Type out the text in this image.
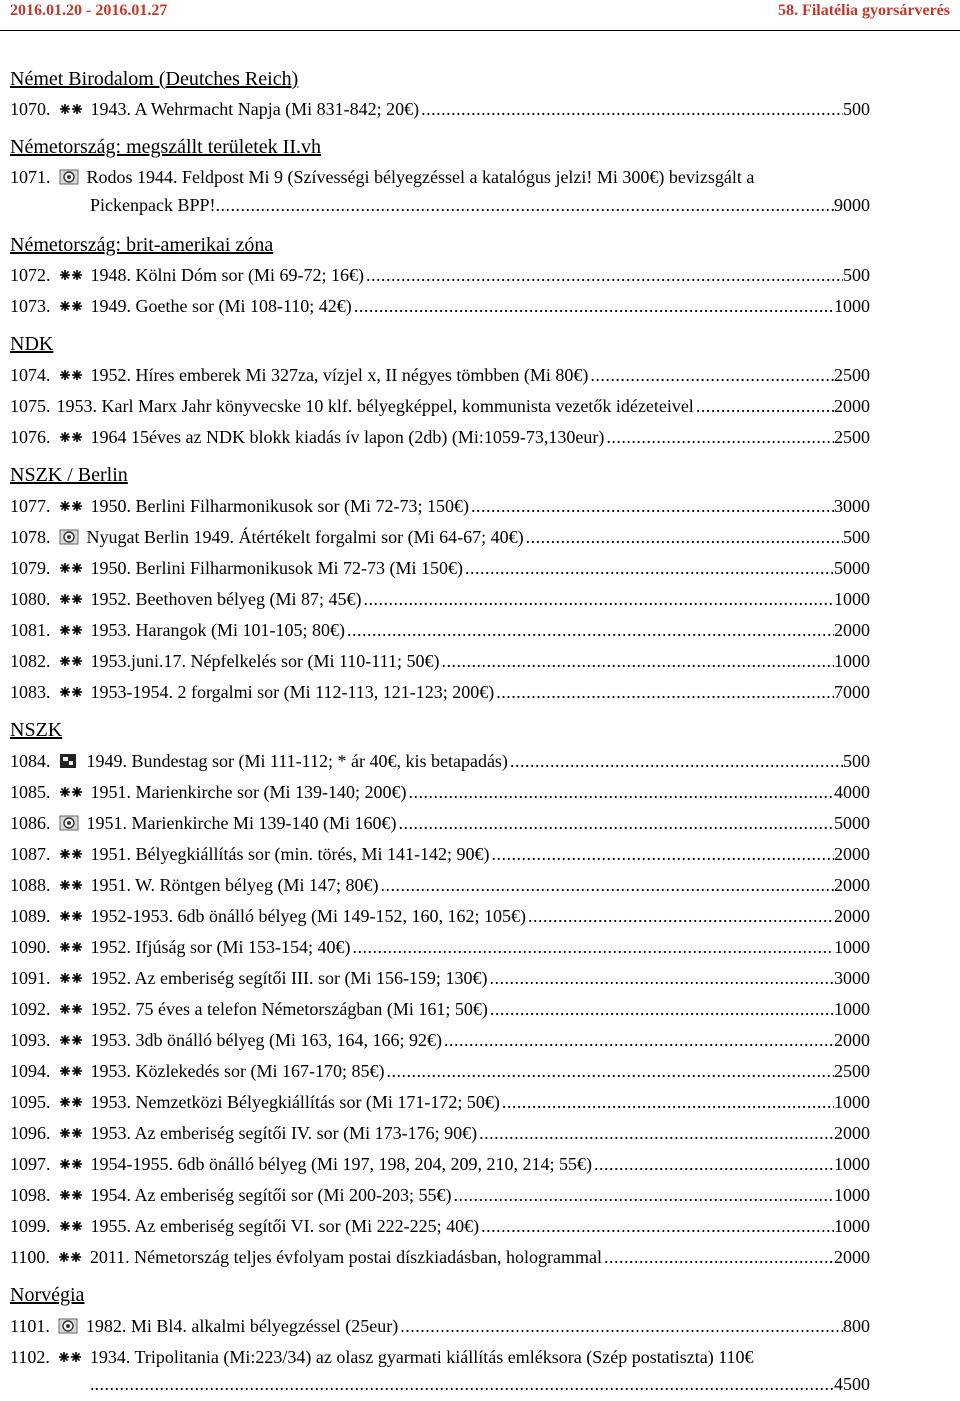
2016.01.20 - 2016.01.27	58. Filatélia gyorsárverés
Német Birodalom (Deutches Reich)
1070. 1943. A Wehrmacht Napja (Mi 831-842; 20€) . . .	500
Németország: megszállt területek II.vh
1071. Rodos 1944. Feldpost Mi 9 (Szívességi bélyegzéssel a katalógus jelzi! Mi 300€) bevizsgált a
Pickenpack BPP! . . .	9000
Németország: brit-amerikai zóna
1072. 1948. Kölni Dóm sor (Mi 69-72; 16€) . . .	500
1073. 1949. Goethe sor (Mi 108-110; 42€) . . .	1000
NDK
1074. 1952. Híres emberek Mi 327za, vízjel x, II négyes tömbben (Mi 80€) . . .	2500
1075. 1953. Karl Marx Jahr könyvecske 10 klf. bélyegképpel, kommunista vezetők idézeteivel . . .	2000
1076. 1964 15éves az NDK blokk kiadás ív lapon (2db) (Mi:1059-73,130eur) . . .	2500
NSZK / Berlin
1077. 1950. Berlini Filharmonikusok sor (Mi 72-73; 150€) . . .	3000
1078. Nyugat Berlin 1949. Átértékelt forgalmi sor (Mi 64-67; 40€) . . .	500
1079. 1950. Berlini Filharmonikusok Mi 72-73 (Mi 150€) . . .	5000
1080. 1952. Beethoven bélyeg (Mi 87; 45€) . . .	1000
1081. 1953. Harangok (Mi 101-105; 80€) . . .	2000
1082. 1953.juni.17. Népfelkelés sor (Mi 110-111; 50€) . . .	1000
1083. 1953-1954. 2 forgalmi sor (Mi 112-113, 121-123; 200€) . . .	7000
NSZK
1084. 1949. Bundestag sor (Mi 111-112; * ár 40€, kis betapadás) . . .	500
1085. 1951. Marienkirche sor (Mi 139-140; 200€) . . .	4000
1086. 1951. Marienkirche Mi 139-140 (Mi 160€) . . .	5000
1087. 1951. Bélyegkiállítás sor (min. törés, Mi 141-142; 90€) . . .	2000
1088. 1951. W. Röntgen bélyeg (Mi 147; 80€) . . .	2000
1089. 1952-1953. 6db önálló bélyeg (Mi 149-152, 160, 162; 105€) . . .	2000
1090. 1952. Ifjúság sor (Mi 153-154; 40€) . . .	1000
1091. 1952. Az emberiség segítői III. sor (Mi 156-159; 130€) . . .	3000
1092. 1952. 75 éves a telefon Németországban (Mi 161; 50€) . . .	1000
1093. 1953. 3db önálló bélyeg (Mi 163, 164, 166; 92€) . . .	2000
1094. 1953. Közlekedés sor (Mi 167-170; 85€) . . .	2500
1095. 1953. Nemzetközi Bélyegkiállítás sor (Mi 171-172; 50€) . . .	1000
1096. 1953. Az emberiség segítői IV. sor (Mi 173-176; 90€) . . .	2000
1097. 1954-1955. 6db önálló bélyeg (Mi 197, 198, 204, 209, 210, 214; 55€) . . .	1000
1098. 1954. Az emberiség segítői sor (Mi 200-203; 55€) . . .	1000
1099. 1955. Az emberiség segítői VI. sor (Mi 222-225; 40€) . . .	1000
1100. 2011. Németország teljes évfolyam postai díszkiadásban, hologrammal . . .	2000
Norvégia
1101. 1982. Mi Bl4. alkalmi bélyegzéssel (25eur) . . .	800
1102. 1934. Tripolitania (Mi:223/34) az olasz gyarmati kiállítás emléksora (Szép postatiszta) 110€
. . . .	4500
